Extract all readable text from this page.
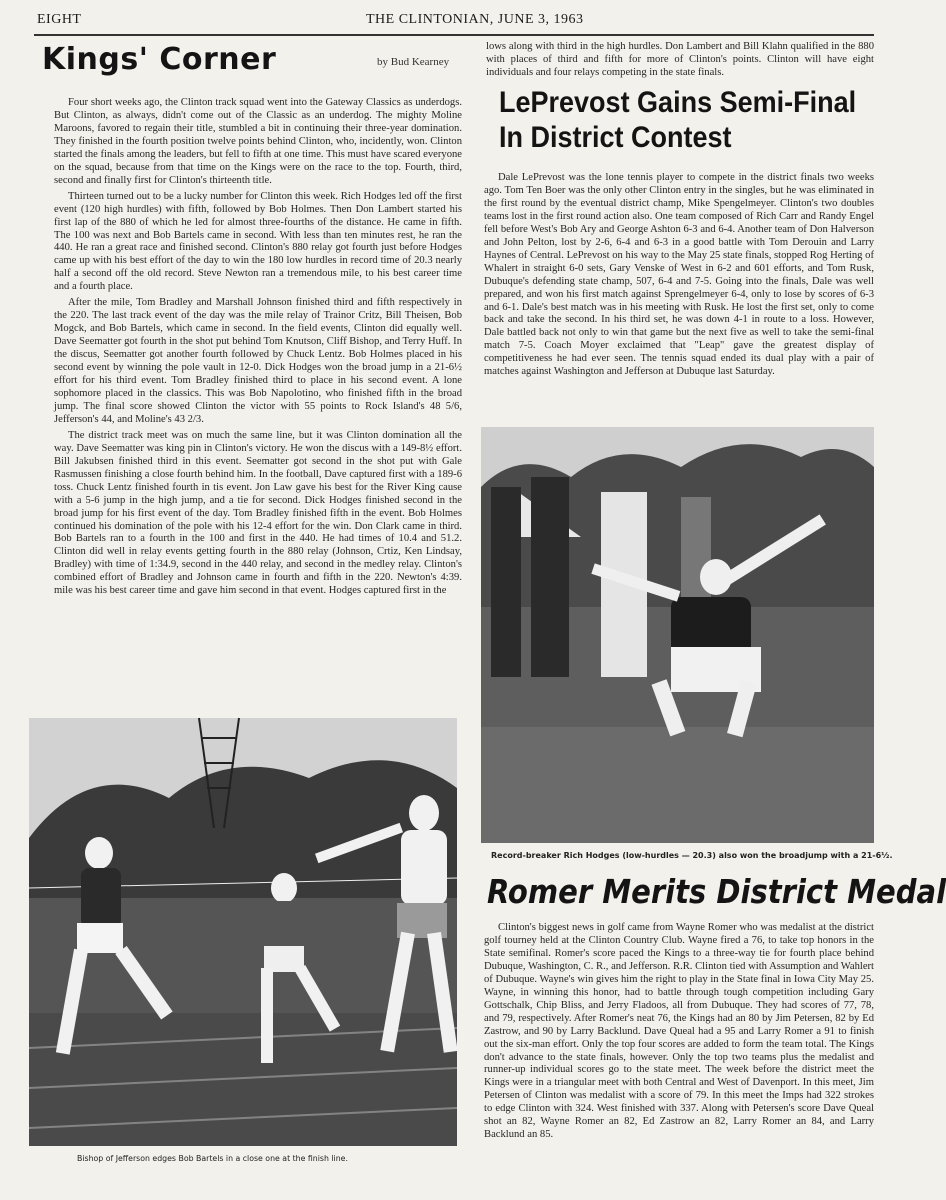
EIGHT	THE CLINTONIAN, JUNE 3, 1963
Kings' Corner	by Bud Kearney

Four short weeks ago, the Clinton track squad went into the Gateway Classics as underdogs. But Clinton, as always, didn't come out of the Classic as an underdog. The mighty Moline Maroons, favored to regain their title, stumbled a bit in continuing their three-year domination. They finished in the fourth position twelve points behind Clinton, who, incidently, won. Clinton started the finals among the leaders, but fell to fifth at one time. This must have scared everyone on the squad, because from that time on the Kings were on the race to the top. Fourth, third, second and finally first for Clinton's thirteenth title.

Thirteen turned out to be a lucky number for Clinton this week. Rich Hodges led off the first event (120 high hurdles) with fifth, followed by Bob Holmes. Then Don Lambert started his first lap of the 880 of which he led for almost three-fourths of the distance. He came in fifth. The 100 was next and Bob Bartels came in second. With less than ten minutes rest, he ran the 440. He ran a great race and finished second. Clinton's 880 relay got fourth just before Hodges came up with his best effort of the day to win the 180 low hurdles in record time of 20.3 nearly half a second off the old record. Steve Newton ran a tremendous mile, to his best career time and a fourth place.

After the mile, Tom Bradley and Marshall Johnson finished third and fifth respectively in the 220. The last track event of the day was the mile relay of Trainor Critz, Bill Theisen, Bob Mogck, and Bob Bartels, which came in second. In the field events, Clinton did equally well. Dave Seematter got fourth in the shot put behind Tom Knutson, Cliff Bishop, and Terry Huff. In the discus, Seematter got another fourth followed by Chuck Lentz. Bob Holmes placed in his second event by winning the pole vault in 12-0. Dick Hodges won the broad jump in a 21-6½ effort for his third event. Tom Bradley finished third to place in his second event. A lone sophomore placed in the classics. This was Bob Napolotino, who finished fifth in the broad jump. The final score showed Clinton the victor with 55 points to Rock Island's 48 5/6, Jefferson's 44, and Moline's 43 2/3.

The district track meet was on much the same line, but it was Clinton domination all the way. Dave Seematter was king pin in Clinton's victory. He won the discus with a 149-8½ effort. Bill Jakubsen finished third in this event. Seematter got second in the shot put with Gale Rasmussen finishing a close fourth behind him. In the football, Dave captured first with a 189-6 toss. Chuck Lentz finished fourth in tis event. Jon Law gave his best for the River King cause with a 5-6 jump in the high jump, and a tie for second. Dick Hodges finished second in the broad jump for his first event of the day. Tom Bradley finished fifth in the event. Bob Holmes continued his domination of the pole with his 12-4 effort for the win. Don Clark came in third. Bob Bartels ran to a fourth in the 100 and first in the 440. He had times of 10.4 and 51.2. Clinton did well in relay events getting fourth in the 880 relay (Johnson, Crtiz, Ken Lindsay, Bradley) with time of 1:34.9, second in the 440 relay, and second in the medley relay. Clinton's combined effort of Bradley and Johnson came in fourth and fifth in the 220. Newton's 4:39. mile was his best career time and gave him second in that event. Hodges captured first in the

Bishop of Jefferson edges Bob Bartels in a close one at the finish line.
lows along with third in the high hurdles. Don Lambert and Bill Klahn qualified in the 880 with places of third and fifth for more of Clinton's points. Clinton will have eight individuals and four relays competing in the state finals.
LePrevost Gains Semi-Final
In District Contest

Dale LePrevost was the lone tennis player to compete in the district finals two weeks ago. Tom Ten Boer was the only other Clinton entry in the singles, but he was eliminated in the first round by the eventual district champ, Mike Spengelmeyer. Clinton's two doubles teams lost in the first round action also. One team composed of Rich Carr and Randy Engel fell before West's Bob Ary and George Ashton 6-3 and 6-4. Another team of Don Halverson and John Pelton, lost by 2-6, 6-4 and 6-3 in a good battle with Tom Derouin and Larry Haynes of Central. LePrevost on his way to the May 25 state finals, stopped Rog Herting of Whalert in straight 6-0 sets, Gary Venske of West in 6-2 and 601 efforts, and Tom Rusk, Dubuque's defending state champ, 507, 6-4 and 7-5. Going into the finals, Dale was well prepared, and won his first match against Sprengelmeyer 6-4, only to lose by scores of 6-3 and 6-1. Dale's best match was in his meeting with Rusk. He lost the first set, only to come back and take the second. In his third set, he was down 4-1 in route to a loss. However, Dale battled back not only to win that game but the next five as well to take the semi-final match 7-5. Coach Moyer exclaimed that "Leap" gave the greatest display of competitiveness he had ever seen. The tennis squad ended its dual play with a pair of matches against Washington and Jefferson at Dubuque last Saturday.

Record-breaker Rich Hodges (low-hurdles — 20.3) also won the broadjump with a 21-6½.
Romer Merits District Medal

Clinton's biggest news in golf came from Wayne Romer who was medalist at the district golf tourney held at the Clinton Country Club. Wayne fired a 76, to take top honors in the State semifinal. Romer's score paced the Kings to a three-way tie for fourth place behind Dubuque, Washington, C. R., and Jefferson. R.R. Clinton tied with Assumption and Wahlert of Dubuque. Wayne's win gives him the right to play in the State final in Iowa City May 25. Wayne, in winning this honor, had to battle through tough competition including Gary Gottschalk, Chip Bliss, and Jerry Fladoos, all from Dubuque. They had scores of 77, 78, and 79, respectively. After Romer's neat 76, the Kings had an 80 by Jim Petersen, 82 by Ed Zastrow, and 90 by Larry Backlund. Dave Queal had a 95 and Larry Romer a 91 to finish out the six-man effort. Only the top four scores are added to form the team total. The Kings don't advance to the state finals, however. Only the top two teams plus the medalist and runner-up individual scores go to the state meet. The week before the district meet the Kings were in a triangular meet with both Central and West of Davenport. In this meet, Jim Petersen of Clinton was medalist with a score of 79. In this meet the Imps had 322 strokes to edge Clinton with 324. West finished with 337. Along with Petersen's score Dave Queal shot an 82, Wayne Romer an 82, Ed Zastrow an 82, Larry Romer an 84, and Larry Backlund an 85.
